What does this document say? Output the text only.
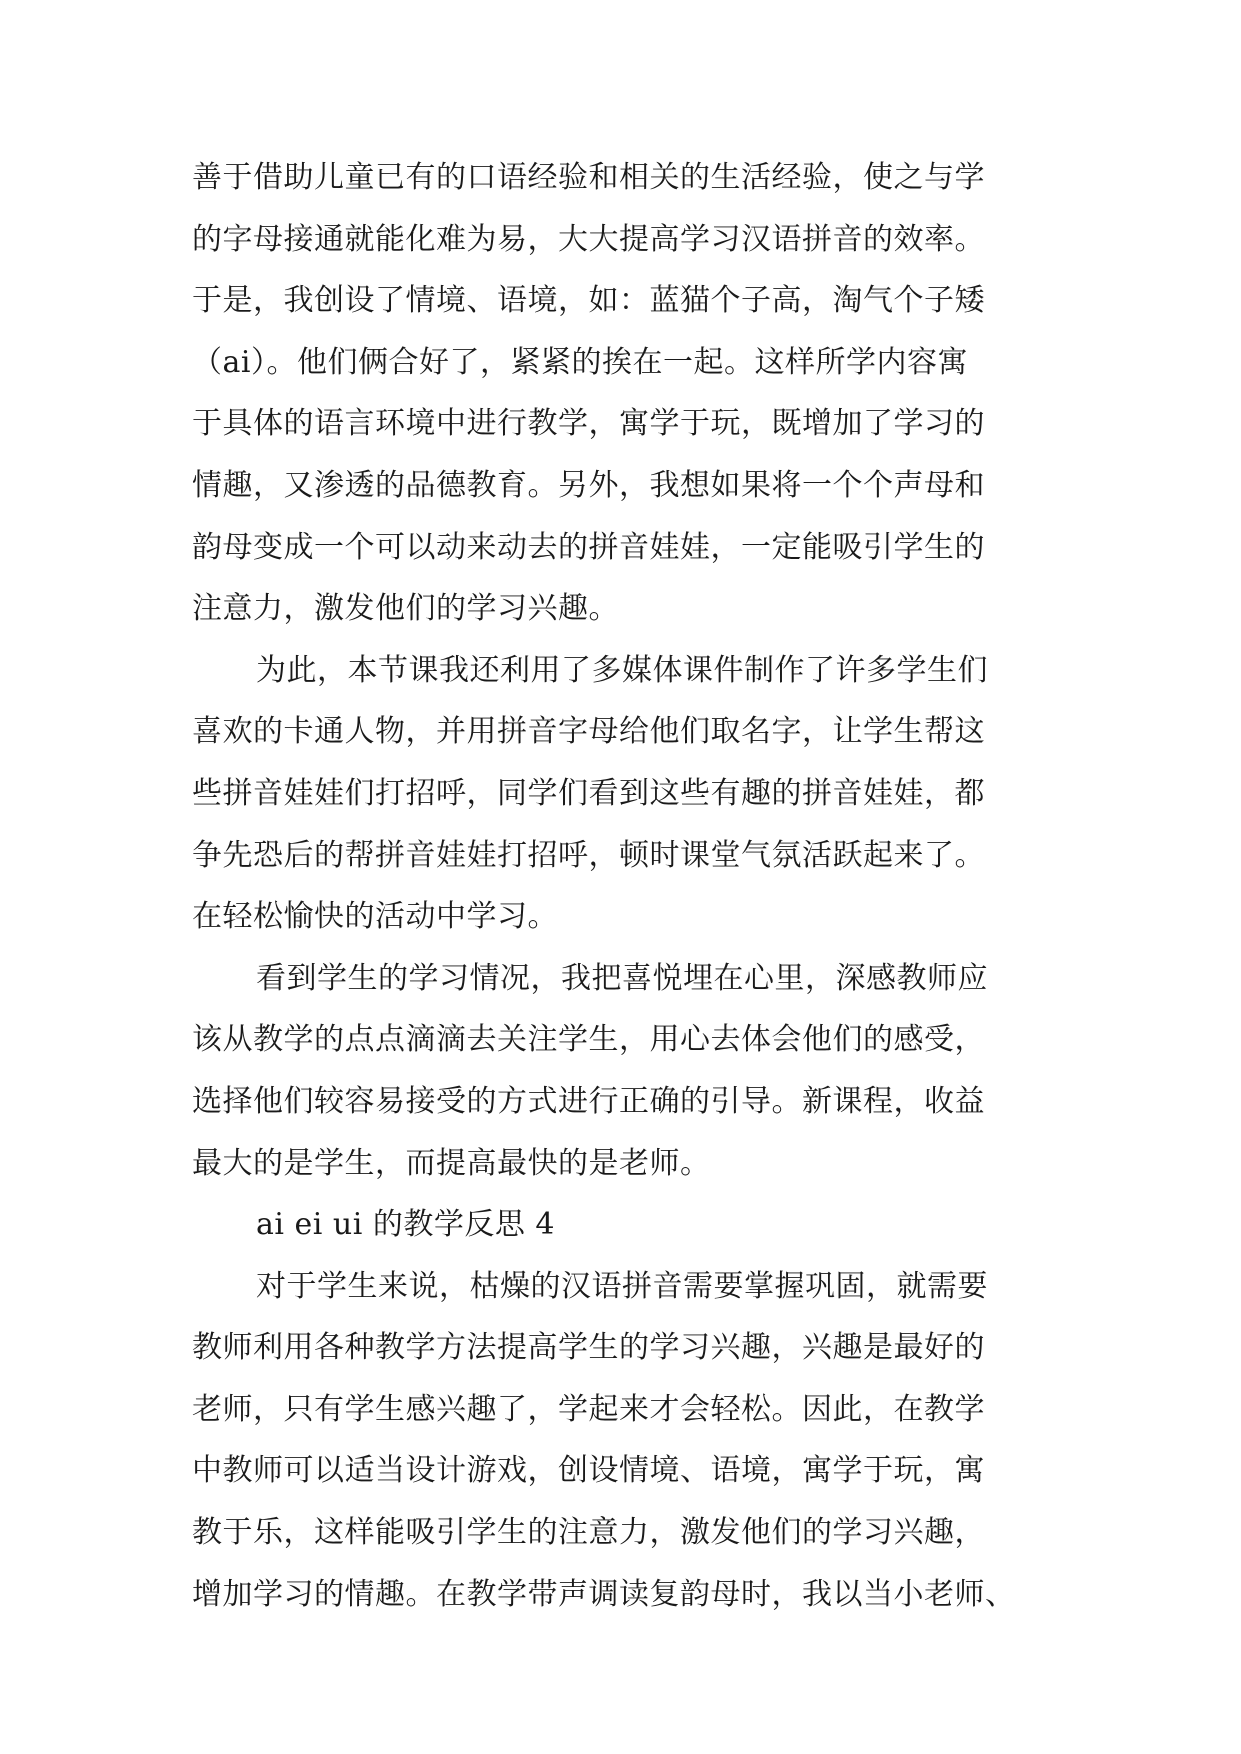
善于借助儿童已有的口语经验和相关的生活经验，使之与学
的字母接通就能化难为易，大大提高学习汉语拼音的效率。
于是，我创设了情境、语境，如：蓝猫个子高，淘气个子矮
（ai）。他们俩合好了，紧紧的挨在一起。这样所学内容寓
于具体的语言环境中进行教学，寓学于玩，既增加了学习的
情趣，又渗透的品德教育。另外，我想如果将一个个声母和
韵母变成一个可以动来动去的拼音娃娃，一定能吸引学生的
注意力，激发他们的学习兴趣。
为此，本节课我还利用了多媒体课件制作了许多学生们
喜欢的卡通人物，并用拼音字母给他们取名字，让学生帮这
些拼音娃娃们打招呼，同学们看到这些有趣的拼音娃娃，都
争先恐后的帮拼音娃娃打招呼，顿时课堂气氛活跃起来了。
在轻松愉快的活动中学习。
看到学生的学习情况，我把喜悦埋在心里，深感教师应
该从教学的点点滴滴去关注学生，用心去体会他们的感受，
选择他们较容易接受的方式进行正确的引导。新课程，收益
最大的是学生，而提高最快的是老师。
ai ei ui 的教学反思 4
对于学生来说，枯燥的汉语拼音需要掌握巩固，就需要
教师利用各种教学方法提高学生的学习兴趣，兴趣是最好的
老师，只有学生感兴趣了，学起来才会轻松。因此，在教学
中教师可以适当设计游戏，创设情境、语境，寓学于玩，寓
教于乐，这样能吸引学生的注意力，激发他们的学习兴趣，
增加学习的情趣。在教学带声调读复韵母时，我以当小老师、
